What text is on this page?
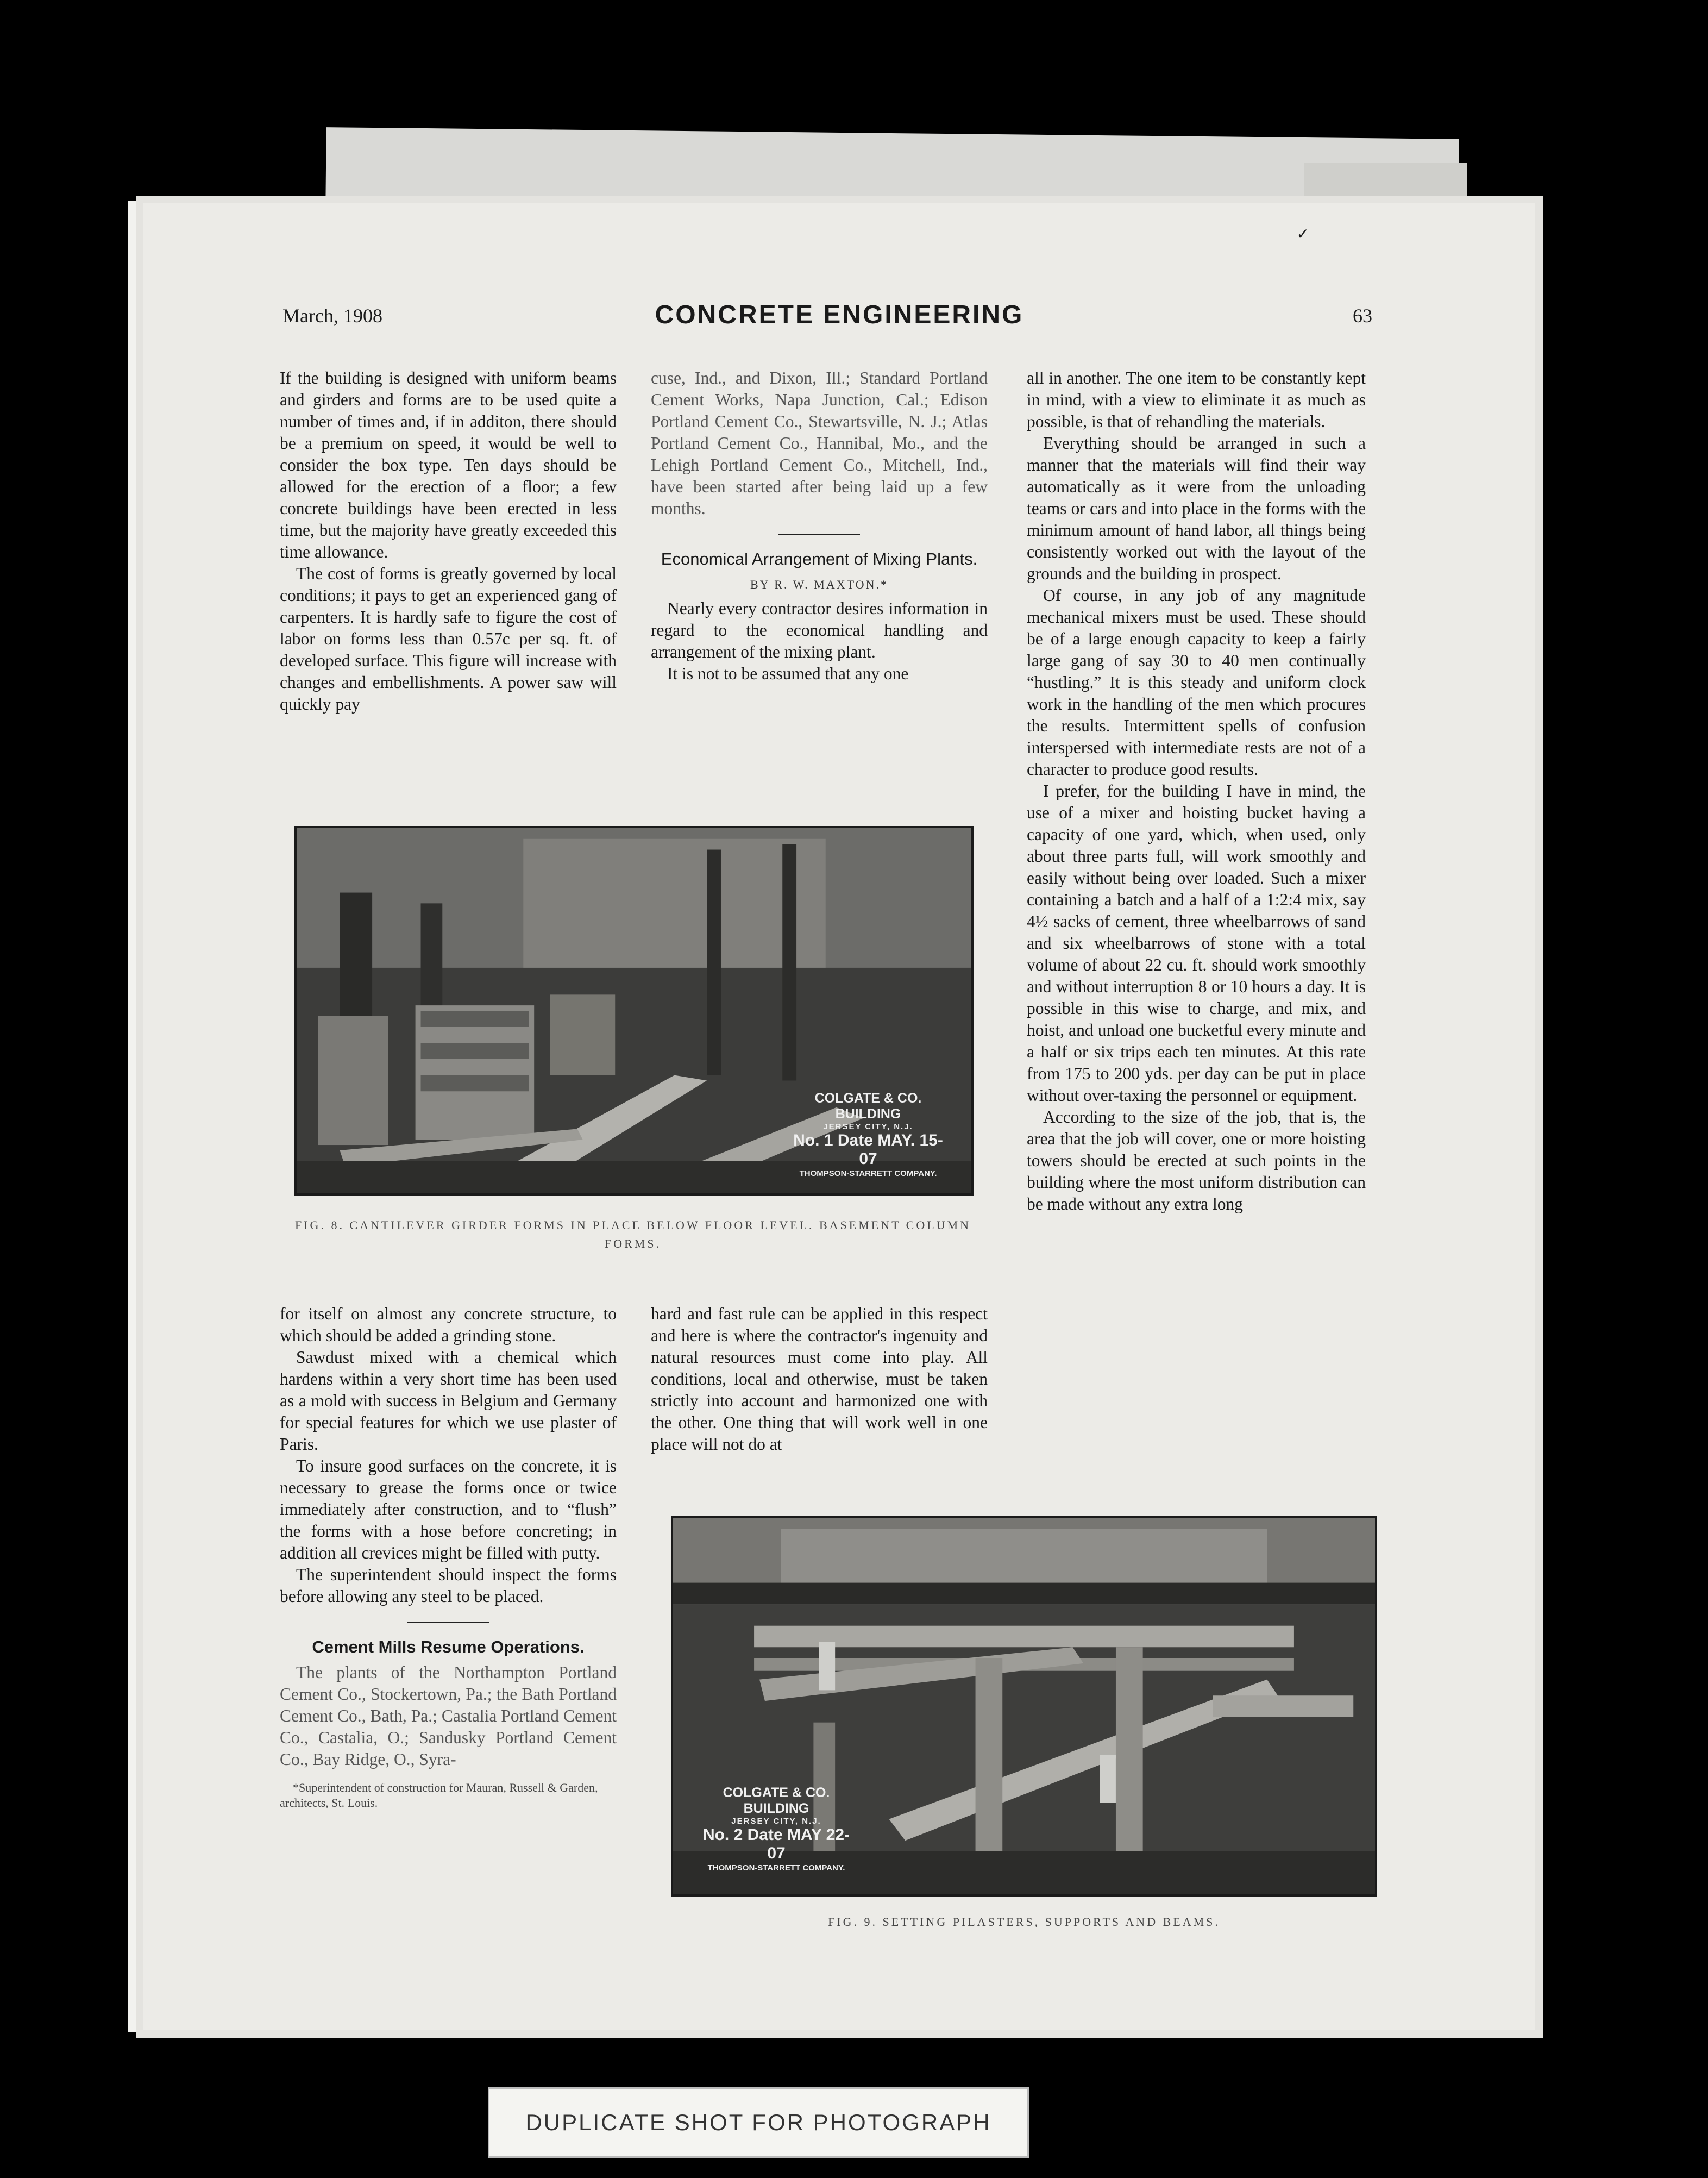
✓
March, 1908	CONCRETE ENGINEERING	63

If the building is designed with uniform beams and girders and forms are to be used quite a number of times and, if in additon, there should be a premium on speed, it would be well to consider the box type. Ten days should be allowed for the erection of a floor; a few concrete buildings have been erected in less time, but the majority have greatly exceeded this time allowance.

The cost of forms is greatly governed by local conditions; it pays to get an experienced gang of carpenters. It is hardly safe to figure the cost of labor on forms less than 0.57c per sq. ft. of developed surface. This figure will increase with changes and embellishments. A power saw will quickly pay

cuse, Ind., and Dixon, Ill.; Standard Portland Cement Works, Napa Junction, Cal.; Edison Portland Cement Co., Stewartsville, N. J.; Atlas Portland Cement Co., Hannibal, Mo., and the Lehigh Portland Cement Co., Mitchell, Ind., have been started after being laid up a few months.

Economical Arrangement of Mixing Plants.
BY R. W. MAXTON.*

Nearly every contractor desires information in regard to the economical handling and arrangement of the mixing plant.

It is not to be assumed that any one

all in another. The one item to be constantly kept in mind, with a view to eliminate it as much as possible, is that of rehandling the materials.

Everything should be arranged in such a manner that the materials will find their way automatically as it were from the unloading teams or cars and into place in the forms with the minimum amount of hand labor, all things being consistently worked out with the layout of the grounds and the building in prospect.

Of course, in any job of any magnitude mechanical mixers must be used. These should be of a large enough capacity to keep a fairly large gang of say 30 to 40 men continually “hustling.” It is this steady and uniform clock work in the handling of the men which procures the results. Intermittent spells of confusion interspersed with intermediate rests are not of a character to produce good results.

I prefer, for the building I have in mind, the use of a mixer and hoisting bucket having a capacity of one yard, which, when used, only about three parts full, will work smoothly and easily without being over loaded. Such a mixer containing a batch and a half of a 1:2:4 mix, say 4½ sacks of cement, three wheelbarrows of sand and six wheelbarrows of stone with a total volume of about 22 cu. ft. should work smoothly and without interruption 8 or 10 hours a day. It is possible in this wise to charge, and mix, and hoist, and unload one bucketful every minute and a half or six trips each ten minutes. At this rate from 175 to 200 yds. per day can be put in place without over-taxing the personnel or equipment.

According to the size of the job, that is, the area that the job will cover, one or more hoisting towers should be erected at such points in the building where the most uniform distribution can be made without any extra long

COLGATE & CO. BUILDING
JERSEY CITY, N.J.
No. 1 Date MAY. 15-07
THOMPSON-STARRETT COMPANY.
FIG. 8. CANTILEVER GIRDER FORMS IN PLACE BELOW FLOOR LEVEL. BASEMENT COLUMN FORMS.

for itself on almost any concrete structure, to which should be added a grinding stone.

Sawdust mixed with a chemical which hardens within a very short time has been used as a mold with success in Belgium and Germany for special features for which we use plaster of Paris.

To insure good surfaces on the concrete, it is necessary to grease the forms once or twice immediately after construction, and to “flush” the forms with a hose before concreting; in addition all crevices might be filled with putty.

The superintendent should inspect the forms before allowing any steel to be placed.

Cement Mills Resume Operations.

The plants of the Northampton Portland Cement Co., Stockertown, Pa.; the Bath Portland Cement Co., Bath, Pa.; Castalia Portland Cement Co., Castalia, O.; Sandusky Portland Cement Co., Bay Ridge, O., Syra-

*Superintendent of construction for Mauran, Russell & Garden, architects, St. Louis.

hard and fast rule can be applied in this respect and here is where the contractor's ingenuity and natural resources must come into play. All conditions, local and otherwise, must be taken strictly into account and harmonized one with the other. One thing that will work well in one place will not do at

COLGATE & CO. BUILDING
JERSEY CITY, N.J.
No. 2 Date MAY 22-07
THOMPSON-STARRETT COMPANY.
FIG. 9. SETTING PILASTERS, SUPPORTS AND BEAMS.
DUPLICATE SHOT FOR PHOTOGRAPH
